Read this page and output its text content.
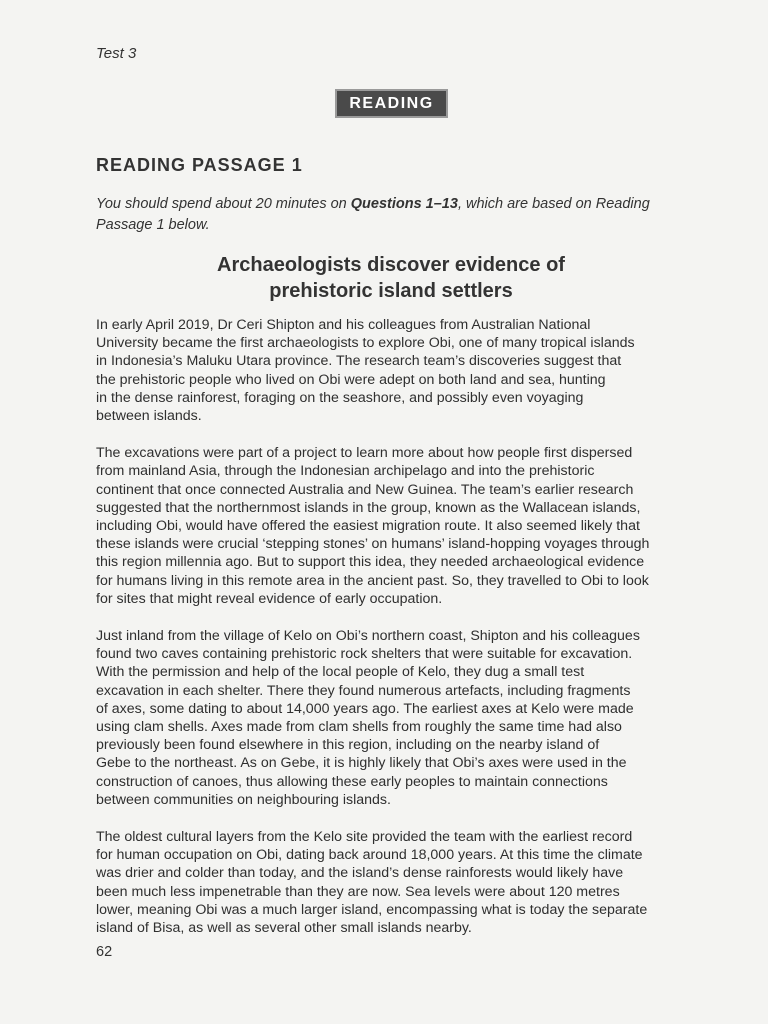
Test 3
READING
READING PASSAGE 1
You should spend about 20 minutes on Questions 1–13, which are based on Reading Passage 1 below.
Archaeologists discover evidence of
prehistoric island settlers

In early April 2019, Dr Ceri Shipton and his colleagues from Australian National
University became the first archaeologists to explore Obi, one of many tropical islands
in Indonesia’s Maluku Utara province. The research team’s discoveries suggest that
the prehistoric people who lived on Obi were adept on both land and sea, hunting
in the dense rainforest, foraging on the seashore, and possibly even voyaging
between islands.

The excavations were part of a project to learn more about how people first dispersed
from mainland Asia, through the Indonesian archipelago and into the prehistoric
continent that once connected Australia and New Guinea. The team’s earlier research
suggested that the northernmost islands in the group, known as the Wallacean islands,
including Obi, would have offered the easiest migration route. It also seemed likely that
these islands were crucial ‘stepping stones’ on humans’ island-hopping voyages through
this region millennia ago. But to support this idea, they needed archaeological evidence
for humans living in this remote area in the ancient past. So, they travelled to Obi to look
for sites that might reveal evidence of early occupation.

Just inland from the village of Kelo on Obi’s northern coast, Shipton and his colleagues
found two caves containing prehistoric rock shelters that were suitable for excavation.
With the permission and help of the local people of Kelo, they dug a small test
excavation in each shelter. There they found numerous artefacts, including fragments
of axes, some dating to about 14,000 years ago. The earliest axes at Kelo were made
using clam shells. Axes made from clam shells from roughly the same time had also
previously been found elsewhere in this region, including on the nearby island of
Gebe to the northeast. As on Gebe, it is highly likely that Obi’s axes were used in the
construction of canoes, thus allowing these early peoples to maintain connections
between communities on neighbouring islands.

The oldest cultural layers from the Kelo site provided the team with the earliest record
for human occupation on Obi, dating back around 18,000 years. At this time the climate
was drier and colder than today, and the island’s dense rainforests would likely have
been much less impenetrable than they are now. Sea levels were about 120 metres
lower, meaning Obi was a much larger island, encompassing what is today the separate
island of Bisa, as well as several other small islands nearby.

62
